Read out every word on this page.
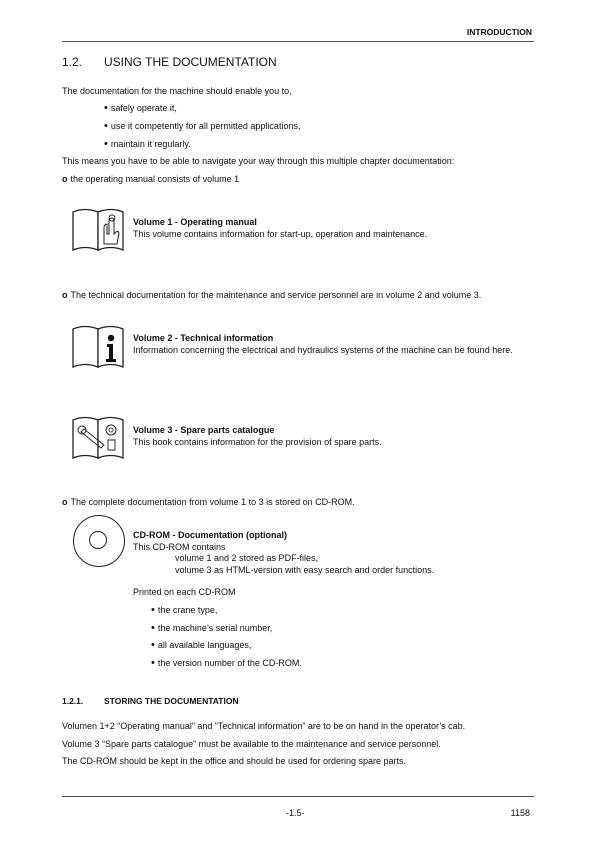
INTRODUCTION
1.2. USING THE DOCUMENTATION
The documentation for the machine should enable you to,
• safely operate it,
• use it competently for all permitted applications,
• maintain it regularly.
This means you have to be able to navigate your way through this multiple chapter documentation:
o the operating manual consists of volume 1
Volume 1 - Operating manual
This volume contains information for start-up, operation and maintenance.
o The technical documentation for the maintenance and service personnel are in volume 2 and volume 3.
Volume 2 - Technical information
Information concerning the electrical and hydraulics systems of the machine can be found here.
Volume 3 - Spare parts catalogue
This book contains information for the provision of spare parts.
o The complete documentation from volume 1 to 3 is stored on CD-ROM.
CD-ROM - Documentation (optional)
This CD-ROM contains
volume 1 and 2 stored as PDF-files,
volume 3 as HTML-version with easy search and order functions.
Printed on each CD-ROM
• the crane type,
• the machine’s serial number,
• all available languages,
• the version number of the CD-ROM.
1.2.1. STORING THE DOCUMENTATION
Volumen 1+2 “Operating manual” and “Technical information” are to be on hand in the operator’s cab.
Volume 3 “Spare parts catalogue” must be available to the maintenance and service personnel.
The CD-ROM should be kept in the office and should be used for ordering spare parts.
-1.5-	1158
